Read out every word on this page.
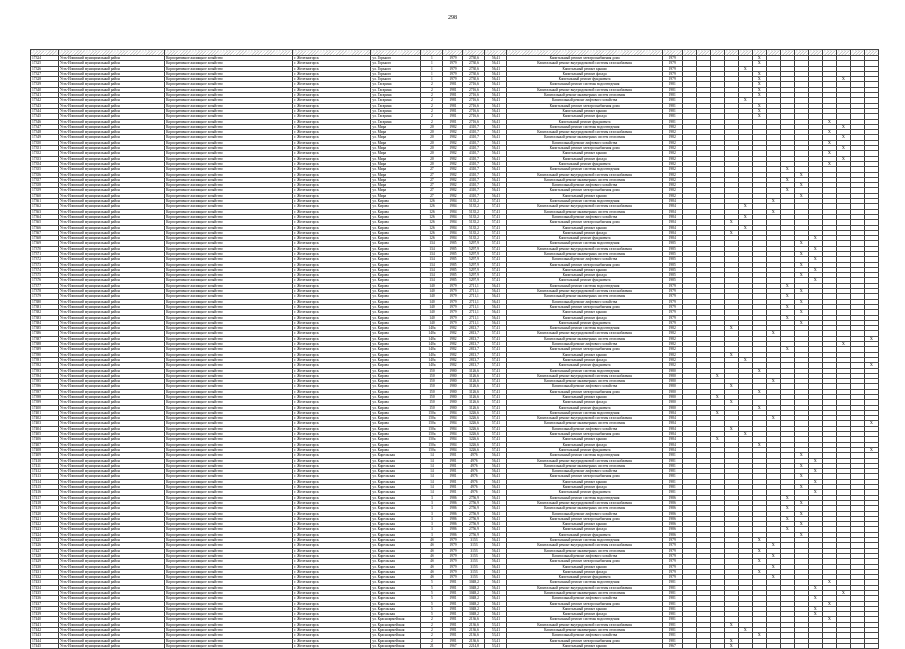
298

17324	Усть-Илимский муниципальный район	Корпоративное жилищное хозяйство	г. Железногорск	ул. Горького	1	1979	2730,6	56,41	Капитальный ремонт электроснабжения дома	1979						X								
17325	Усть-Илимский муниципальный район	Корпоративное жилищное хозяйство	г. Железногорск	ул. Горького	1	1979	2730,6	56,41	Капитальный ремонт внутридомовой системы газоснабжения	1979						X								
17326	Усть-Илимский муниципальный район	Корпоративное жилищное хозяйство	г. Железногорск	ул. Горького	1	1979	2730,6	56,41	Капитальный ремонт крыши	1979					X									
17327	Усть-Илимский муниципальный район	Корпоративное жилищное хозяйство	г. Железногорск	ул. Горького	1	1979	2730,6	56,41	Капитальный ремонт фасада	1979						X								
17328	Усть-Илимский муниципальный район	Корпоративное жилищное хозяйство	г. Железногорск	ул. Горького	1	1979	2730,6	56,41	Капитальный ремонт фундамента	1979						X						X		
17339	Усть-Илимский муниципальный район	Корпоративное жилищное хозяйство	г. Железногорск	ул. Гагарина	2	1981	2716,6	56,41	Капитальный ремонт системы водоотведения	1981						X								
17340	Усть-Илимский муниципальный район	Корпоративное жилищное хозяйство	г. Железногорск	ул. Гагарина	2	1981	2716,6	56,41	Капитальный ремонт внутридомовой системы газоснабжения	1981						X								
17341	Усть-Илимский муниципальный район	Корпоративное жилищное хозяйство	г. Железногорск	ул. Гагарина	2	1981	2716,6	56,41	Капитальный ремонт инженерных систем отопления	1981						X								
17342	Усть-Илимский муниципальный район	Корпоративное жилищное хозяйство	г. Железногорск	ул. Гагарина	2	1981	2716,6	56,41	Капитальный ремонт лифтового хозяйства	1981					X									
17343	Усть-Илимский муниципальный район	Корпоративное жилищное хозяйство	г. Железногорск	ул. Гагарина	2	1981	2716,6	56,41	Капитальный ремонт электроснабжения дома	1981						X								
17344	Усть-Илимский муниципальный район	Корпоративное жилищное хозяйство	г. Железногорск	ул. Гагарина	2	1981	2716,6	56,41	Капитальный ремонт крыши	1981						X								
17345	Усть-Илимский муниципальный район	Корпоративное жилищное хозяйство	г. Железногорск	ул. Гагарина	2	1981	2716,6	56,41	Капитальный ремонт фасада	1981						X								
17346	Усть-Илимский муниципальный район	Корпоративное жилищное хозяйство	г. Железногорск	ул. Гагарина	2	1981	2716,6	56,41	Капитальный ремонт фундамента	1981											X			
17347	Усть-Илимский муниципальный район	Корпоративное жилищное хозяйство	г. Железногорск	ул. Мира	20	1982	4310,7	56,41	Капитальный ремонт системы водоотведения	1982												X		
17348	Усть-Илимский муниципальный район	Корпоративное жилищное хозяйство	г. Железногорск	ул. Мира	20	1982	4310,7	56,41	Капитальный ремонт внутридомовой системы газоснабжения	1982											X			
17349	Усть-Илимский муниципальный район	Корпоративное жилищное хозяйство	г. Железногорск	ул. Мира	20	1982	4310,7	56,41	Капитальный ремонт инженерных систем отопления	1982												X		
17350	Усть-Илимский муниципальный район	Корпоративное жилищное хозяйство	г. Железногорск	ул. Мира	20	1982	4310,7	56,41	Капитальный ремонт лифтового хозяйства	1982											X			
17351	Усть-Илимский муниципальный район	Корпоративное жилищное хозяйство	г. Железногорск	ул. Мира	20	1982	4310,7	56,41	Капитальный ремонт электроснабжения дома	1982												X		
17352	Усть-Илимский муниципальный район	Корпоративное жилищное хозяйство	г. Железногорск	ул. Мира	20	1982	4310,7	56,41	Капитальный ремонт крыши	1982											X			
17353	Усть-Илимский муниципальный район	Корпоративное жилищное хозяйство	г. Железногорск	ул. Мира	20	1982	4310,7	56,41	Капитальный ремонт фасада	1982												X		
17354	Усть-Илимский муниципальный район	Корпоративное жилищное хозяйство	г. Железногорск	ул. Мира	20	1982	4310,7	56,41	Капитальный ремонт фундамента	1982											X			
17355	Усть-Илимский муниципальный район	Корпоративное жилищное хозяйство	г. Железногорск	ул. Мира	27	1982	4310,7	56,41	Капитальный ремонт системы водоотведения	1982								X						
17356	Усть-Илимский муниципальный район	Корпоративное жилищное хозяйство	г. Железногорск	ул. Мира	27	1982	4310,7	56,41	Капитальный ремонт внутридомовой системы газоснабжения	1982									X					
17357	Усть-Илимский муниципальный район	Корпоративное жилищное хозяйство	г. Железногорск	ул. Мира	27	1982	4310,7	56,41	Капитальный ремонт инженерных систем отопления	1982								X						
17358	Усть-Илимский муниципальный район	Корпоративное жилищное хозяйство	г. Железногорск	ул. Мира	27	1982	4310,7	56,41	Капитальный ремонт лифтового хозяйства	1982									X					
17359	Усть-Илимский муниципальный район	Корпоративное жилищное хозяйство	г. Железногорск	ул. Мира	27	1982	4310,7	56,41	Капитальный ремонт электроснабжения дома	1982								X						
17360	Усть-Илимский муниципальный район	Корпоративное жилищное хозяйство	г. Железногорск	ул. Мира	27	1982	4310,7	56,41	Капитальный ремонт крыши	1982									X					
17361	Усть-Илимский муниципальный район	Корпоративное жилищное хозяйство	г. Железногорск	ул. Кирова	126	1984	5135,2	57,41	Капитальный ремонт системы водоотведения	1984							X							
17362	Усть-Илимский муниципальный район	Корпоративное жилищное хозяйство	г. Железногорск	ул. Кирова	126	1984	5135,2	57,41	Капитальный ремонт внутридомовой системы газоснабжения	1984					X									
17363	Усть-Илимский муниципальный район	Корпоративное жилищное хозяйство	г. Железногорск	ул. Кирова	126	1984	5135,2	57,41	Капитальный ремонт инженерных систем отопления	1984							X							
17364	Усть-Илимский муниципальный район	Корпоративное жилищное хозяйство	г. Железногорск	ул. Кирова	126	1984	5135,2	57,41	Капитальный ремонт лифтового хозяйства	1984					X									
17365	Усть-Илимский муниципальный район	Корпоративное жилищное хозяйство	г. Железногорск	ул. Кирова	126	1984	5135,2	57,41	Капитальный ремонт электроснабжения дома	1984				X										
17366	Усть-Илимский муниципальный район	Корпоративное жилищное хозяйство	г. Железногорск	ул. Кирова	126	1984	5135,2	57,41	Капитальный ремонт крыши	1984					X									
17367	Усть-Илимский муниципальный район	Корпоративное жилищное хозяйство	г. Железногорск	ул. Кирова	126	1984	5135,2	57,41	Капитальный ремонт фасада	1984				X										
17368	Усть-Илимский муниципальный район	Корпоративное жилищное хозяйство	г. Железногорск	ул. Кирова	126	1984	5135,2	57,41	Капитальный ремонт фундамента	1984										X				
17369	Усть-Илимский муниципальный район	Корпоративное жилищное хозяйство	г. Железногорск	ул. Кирова	134	1985	5297,9	57,41	Капитальный ремонт системы водоотведения	1985									X					
17370	Усть-Илимский муниципальный район	Корпоративное жилищное хозяйство	г. Железногорск	ул. Кирова	134	1985	5297,9	57,41	Капитальный ремонт внутридомовой системы газоснабжения	1985										X				
17371	Усть-Илимский муниципальный район	Корпоративное жилищное хозяйство	г. Железногорск	ул. Кирова	134	1985	5297,9	57,41	Капитальный ремонт инженерных систем отопления	1985									X					
17372	Усть-Илимский муниципальный район	Корпоративное жилищное хозяйство	г. Железногорск	ул. Кирова	134	1985	5297,9	57,41	Капитальный ремонт лифтового хозяйства	1985										X				
17373	Усть-Илимский муниципальный район	Корпоративное жилищное хозяйство	г. Железногорск	ул. Кирова	134	1985	5297,9	57,41	Капитальный ремонт электроснабжения дома	1985									X					
17374	Усть-Илимский муниципальный район	Корпоративное жилищное хозяйство	г. Железногорск	ул. Кирова	134	1985	5297,9	57,41	Капитальный ремонт крыши	1985										X				
17375	Усть-Илимский муниципальный район	Корпоративное жилищное хозяйство	г. Железногорск	ул. Кирова	134	1985	5297,9	57,41	Капитальный ремонт фасада	1985									X					
17376	Усть-Илимский муниципальный район	Корпоративное жилищное хозяйство	г. Железногорск	ул. Кирова	134	1985	5297,9	57,41	Капитальный ремонт фундамента	1985										X				
17377	Усть-Илимский муниципальный район	Корпоративное жилищное хозяйство	г. Железногорск	ул. Кирова	140	1979	2711,1	56,41	Капитальный ремонт системы водоотведения	1979								X						
17378	Усть-Илимский муниципальный район	Корпоративное жилищное хозяйство	г. Железногорск	ул. Кирова	140	1979	2711,1	56,41	Капитальный ремонт внутридомовой системы газоснабжения	1979									X					
17379	Усть-Илимский муниципальный район	Корпоративное жилищное хозяйство	г. Железногорск	ул. Кирова	140	1979	2711,1	56,41	Капитальный ремонт инженерных систем отопления	1979								X						
17380	Усть-Илимский муниципальный район	Корпоративное жилищное хозяйство	г. Железногорск	ул. Кирова	140	1979	2711,1	56,41	Капитальный ремонт лифтового хозяйства	1979									X					
17381	Усть-Илимский муниципальный район	Корпоративное жилищное хозяйство	г. Железногорск	ул. Кирова	140	1979	2711,1	56,41	Капитальный ремонт электроснабжения дома	1979								X						
17382	Усть-Илимский муниципальный район	Корпоративное жилищное хозяйство	г. Железногорск	ул. Кирова	140	1979	2711,1	56,41	Капитальный ремонт крыши	1979									X					
17383	Усть-Илимский муниципальный район	Корпоративное жилищное хозяйство	г. Железногорск	ул. Кирова	140	1979	2711,1	56,41	Капитальный ремонт фасада	1979								X						
17384	Усть-Илимский муниципальный район	Корпоративное жилищное хозяйство	г. Железногорск	ул. Кирова	140	1979	2711,1	56,41	Капитальный ремонт фундамента	1979									X					
17385	Усть-Илимский муниципальный район	Корпоративное жилищное хозяйство	г. Железногорск	ул. Кирова	140а	1982	2813,7	57,41	Капитальный ремонт системы водоотведения	1982				X										
17386	Усть-Илимский муниципальный район	Корпоративное жилищное хозяйство	г. Железногорск	ул. Кирова	140а	1982	2813,7	57,41	Капитальный ремонт внутридомовой системы газоснабжения	1982							X							
17387	Усть-Илимский муниципальный район	Корпоративное жилищное хозяйство	г. Железногорск	ул. Кирова	140а	1982	2813,7	57,41	Капитальный ремонт инженерных систем отопления	1982														X
17388	Усть-Илимский муниципальный район	Корпоративное жилищное хозяйство	г. Железногорск	ул. Кирова	140а	1982	2813,7	57,41	Капитальный ремонт лифтового хозяйства	1982												X		
17389	Усть-Илимский муниципальный район	Корпоративное жилищное хозяйство	г. Железногорск	ул. Кирова	140а	1982	2813,7	57,41	Капитальный ремонт электроснабжения дома	1982								X						
17390	Усть-Илимский муниципальный район	Корпоративное жилищное хозяйство	г. Железногорск	ул. Кирова	140а	1982	2813,7	57,41	Капитальный ремонт крыши	1982				X										
17391	Усть-Илимский муниципальный район	Корпоративное жилищное хозяйство	г. Железногорск	ул. Кирова	140а	1982	2813,7	57,41	Капитальный ремонт фасада	1982					X									
17392	Усть-Илимский муниципальный район	Корпоративное жилищное хозяйство	г. Железногорск	ул. Кирова	140а	1982	2813,7	57,41	Капитальный ремонт фундамента	1982														X
17393	Усть-Илимский муниципальный район	Корпоративное жилищное хозяйство	г. Железногорск	ул. Кирова	150	1980	3126,6	57,41	Капитальный ремонт системы водоотведения	1980						X								
17394	Усть-Илимский муниципальный район	Корпоративное жилищное хозяйство	г. Железногорск	ул. Кирова	150	1980	3126,6	57,41	Капитальный ремонт внутридомовой системы газоснабжения	1980			X											
17395	Усть-Илимский муниципальный район	Корпоративное жилищное хозяйство	г. Железногорск	ул. Кирова	150	1980	3126,6	57,41	Капитальный ремонт инженерных систем отопления	1980							X							
17396	Усть-Илимский муниципальный район	Корпоративное жилищное хозяйство	г. Железногорск	ул. Кирова	150	1980	3126,6	57,41	Капитальный ремонт лифтового хозяйства	1980				X										
17397	Усть-Илимский муниципальный район	Корпоративное жилищное хозяйство	г. Железногорск	ул. Кирова	150	1980	3126,6	57,41	Капитальный ремонт электроснабжения дома	1980						X								
17398	Усть-Илимский муниципальный район	Корпоративное жилищное хозяйство	г. Железногорск	ул. Кирова	150	1980	3126,6	57,41	Капитальный ремонт крыши	1980			X											
17399	Усть-Илимский муниципальный район	Корпоративное жилищное хозяйство	г. Железногорск	ул. Кирова	150	1980	3126,6	57,41	Капитальный ремонт фасада	1980				X										
17400	Усть-Илимский муниципальный район	Корпоративное жилищное хозяйство	г. Железногорск	ул. Кирова	150	1980	3126,6	57,41	Капитальный ремонт фундамента	1980						X								
17401	Усть-Илимский муниципальный район	Корпоративное жилищное хозяйство	г. Железногорск	ул. Кирова	150а	1984	3226,6	57,41	Капитальный ремонт системы водоотведения	1984			X											
17402	Усть-Илимский муниципальный район	Корпоративное жилищное хозяйство	г. Железногорск	ул. Кирова	150а	1984	3226,6	57,41	Капитальный ремонт внутридомовой системы газоснабжения	1984							X							
17403	Усть-Илимский муниципальный район	Корпоративное жилищное хозяйство	г. Железногорск	ул. Кирова	150а	1984	3226,6	57,41	Капитальный ремонт инженерных систем отопления	1984														X
17404	Усть-Илимский муниципальный район	Корпоративное жилищное хозяйство	г. Железногорск	ул. Кирова	150а	1984	3226,6	57,41	Капитальный ремонт лифтового хозяйства	1984				X										
17405	Усть-Илимский муниципальный район	Корпоративное жилищное хозяйство	г. Железногорск	ул. Кирова	150а	1984	3226,6	57,41	Капитальный ремонт электроснабжения дома	1984					X									
17406	Усть-Илимский муниципальный район	Корпоративное жилищное хозяйство	г. Железногорск	ул. Кирова	150а	1984	3226,6	57,41	Капитальный ремонт крыши	1984			X											
17407	Усть-Илимский муниципальный район	Корпоративное жилищное хозяйство	г. Железногорск	ул. Кирова	150а	1984	3226,6	57,41	Капитальный ремонт фасада	1984						X								
17408	Усть-Илимский муниципальный район	Корпоративное жилищное хозяйство	г. Железногорск	ул. Кирова	150а	1984	3226,6	57,41	Капитальный ремонт фундамента	1984														X
17409	Усть-Илимский муниципальный район	Корпоративное жилищное хозяйство	г. Железногорск	ул. Карельская	14	1981	4976	56,41	Капитальный ремонт системы водоотведения	1981									X					
17410	Усть-Илимский муниципальный район	Корпоративное жилищное хозяйство	г. Железногорск	ул. Карельская	14	1981	4976	56,41	Капитальный ремонт внутридомовой системы газоснабжения	1981										X				
17411	Усть-Илимский муниципальный район	Корпоративное жилищное хозяйство	г. Железногорск	ул. Карельская	14	1981	4976	56,41	Капитальный ремонт инженерных систем отопления	1981									X					
17412	Усть-Илимский муниципальный район	Корпоративное жилищное хозяйство	г. Железногорск	ул. Карельская	14	1981	4976	56,41	Капитальный ремонт лифтового хозяйства	1981										X				
17413	Усть-Илимский муниципальный район	Корпоративное жилищное хозяйство	г. Железногорск	ул. Карельская	14	1981	4976	56,41	Капитальный ремонт электроснабжения дома	1981									X					
17414	Усть-Илимский муниципальный район	Корпоративное жилищное хозяйство	г. Железногорск	ул. Карельская	14	1981	4976	56,41	Капитальный ремонт крыши	1981										X				
17415	Усть-Илимский муниципальный район	Корпоративное жилищное хозяйство	г. Железногорск	ул. Карельская	14	1981	4976	56,41	Капитальный ремонт фасада	1981									X					
17416	Усть-Илимский муниципальный район	Корпоративное жилищное хозяйство	г. Железногорск	ул. Карельская	14	1981	4976	56,41	Капитальный ремонт фундамента	1981										X				
17417	Усть-Илимский муниципальный район	Корпоративное жилищное хозяйство	г. Железногорск	ул. Карельская	3	1986	2756,9	56,41	Капитальный ремонт системы водоотведения	1986								X						
17418	Усть-Илимский муниципальный район	Корпоративное жилищное хозяйство	г. Железногорск	ул. Карельская	3	1986	2756,9	56,41	Капитальный ремонт внутридомовой системы газоснабжения	1986									X					
17419	Усть-Илимский муниципальный район	Корпоративное жилищное хозяйство	г. Железногорск	ул. Карельская	3	1986	2756,9	56,41	Капитальный ремонт инженерных систем отопления	1986								X						
17420	Усть-Илимский муниципальный район	Корпоративное жилищное хозяйство	г. Железногорск	ул. Карельская	3	1986	2756,9	56,41	Капитальный ремонт лифтового хозяйства	1986									X					
17421	Усть-Илимский муниципальный район	Корпоративное жилищное хозяйство	г. Железногорск	ул. Карельская	3	1986	2756,9	56,41	Капитальный ремонт электроснабжения дома	1986								X						
17422	Усть-Илимский муниципальный район	Корпоративное жилищное хозяйство	г. Железногорск	ул. Карельская	3	1986	2756,9	56,41	Капитальный ремонт крыши	1986									X					
17423	Усть-Илимский муниципальный район	Корпоративное жилищное хозяйство	г. Железногорск	ул. Карельская	3	1986	2756,9	56,41	Капитальный ремонт фасада	1986								X						
17424	Усть-Илимский муниципальный район	Корпоративное жилищное хозяйство	г. Железногорск	ул. Карельская	3	1986	2756,9	56,41	Капитальный ремонт фундамента	1986									X					
17425	Усть-Илимский муниципальный район	Корпоративное жилищное хозяйство	г. Железногорск	ул. Карельская	4б	1979	3153	56,41	Капитальный ремонт системы водоотведения	1979						X								
17426	Усть-Илимский муниципальный район	Корпоративное жилищное хозяйство	г. Железногорск	ул. Карельская	4б	1979	3153	56,41	Капитальный ремонт внутридомовой системы газоснабжения	1979							X							
17427	Усть-Илимский муниципальный район	Корпоративное жилищное хозяйство	г. Железногорск	ул. Карельская	4б	1979	3153	56,41	Капитальный ремонт инженерных систем отопления	1979						X								
17428	Усть-Илимский муниципальный район	Корпоративное жилищное хозяйство	г. Железногорск	ул. Карельская	4б	1979	3153	56,41	Капитальный ремонт лифтового хозяйства	1979							X							
17429	Усть-Илимский муниципальный район	Корпоративное жилищное хозяйство	г. Железногорск	ул. Карельская	4б	1979	3153	56,41	Капитальный ремонт электроснабжения дома	1979						X								
17430	Усть-Илимский муниципальный район	Корпоративное жилищное хозяйство	г. Железногорск	ул. Карельская	4б	1979	3153	56,41	Капитальный ремонт крыши	1979							X							
17431	Усть-Илимский муниципальный район	Корпоративное жилищное хозяйство	г. Железногорск	ул. Карельская	4б	1979	3153	56,41	Капитальный ремонт фасада	1979						X								
17432	Усть-Илимский муниципальный район	Корпоративное жилищное хозяйство	г. Железногорск	ул. Карельская	4б	1979	3153	56,41	Капитальный ремонт фундамента	1979							X							
17433	Усть-Илимский муниципальный район	Корпоративное жилищное хозяйство	г. Железногорск	ул. Карельская	5	1981	3048,2	56,41	Капитальный ремонт системы водоотведения	1981											X			
17434	Усть-Илимский муниципальный район	Корпоративное жилищное хозяйство	г. Железногорск	ул. Карельская	5	1981	3048,2	56,41	Капитальный ремонт внутридомовой системы газоснабжения	1981										X				
17435	Усть-Илимский муниципальный район	Корпоративное жилищное хозяйство	г. Железногорск	ул. Карельская	5	1981	3048,2	56,41	Капитальный ремонт инженерных систем отопления	1981												X		
17436	Усть-Илимский муниципальный район	Корпоративное жилищное хозяйство	г. Железногорск	ул. Карельская	5	1981	3048,2	56,41	Капитальный ремонт лифтового хозяйства	1981										X				
17437	Усть-Илимский муниципальный район	Корпоративное жилищное хозяйство	г. Железногорск	ул. Карельская	5	1981	3048,2	56,41	Капитальный ремонт электроснабжения дома	1981											X			
17438	Усть-Илимский муниципальный район	Корпоративное жилищное хозяйство	г. Железногорск	ул. Карельская	5	1981	3048,2	56,41	Капитальный ремонт крыши	1981										X				
17439	Усть-Илимский муниципальный район	Корпоративное жилищное хозяйство	г. Железногорск	ул. Карельская	5	1981	3048,2	56,41	Капитальный ремонт фасада	1981										X				
17440	Усть-Илимский муниципальный район	Корпоративное жилищное хозяйство	г. Железногорск	ул. Красноармейская	2	1981	2136,6	53,41	Капитальный ремонт системы водоотведения	1981											X			
17441	Усть-Илимский муниципальный район	Корпоративное жилищное хозяйство	г. Железногорск	ул. Красноармейская	2	1981	2136,6	53,41	Капитальный ремонт внутридомовой системы газоснабжения	1981				X										
17442	Усть-Илимский муниципальный район	Корпоративное жилищное хозяйство	г. Железногорск	ул. Красноармейская	2	1981	2136,6	53,41	Капитальный ремонт инженерных систем отопления	1981					X									
17443	Усть-Илимский муниципальный район	Корпоративное жилищное хозяйство	г. Железногорск	ул. Красноармейская	2	1981	2136,6	53,41	Капитальный ремонт лифтового хозяйства	1981						X								
17444	Усть-Илимский муниципальный район	Корпоративное жилищное хозяйство	г. Железногорск	ул. Красноармейская	2	1981	2136,6	53,41	Капитальный ремонт электроснабжения дома	1981				X										
17445	Усть-Илимский муниципальный район	Корпоративное жилищное хозяйство	г. Железногорск	ул. Красноармейская	21	1967	2214,8	53,41	Капитальный ремонт крыши	1967				X										
